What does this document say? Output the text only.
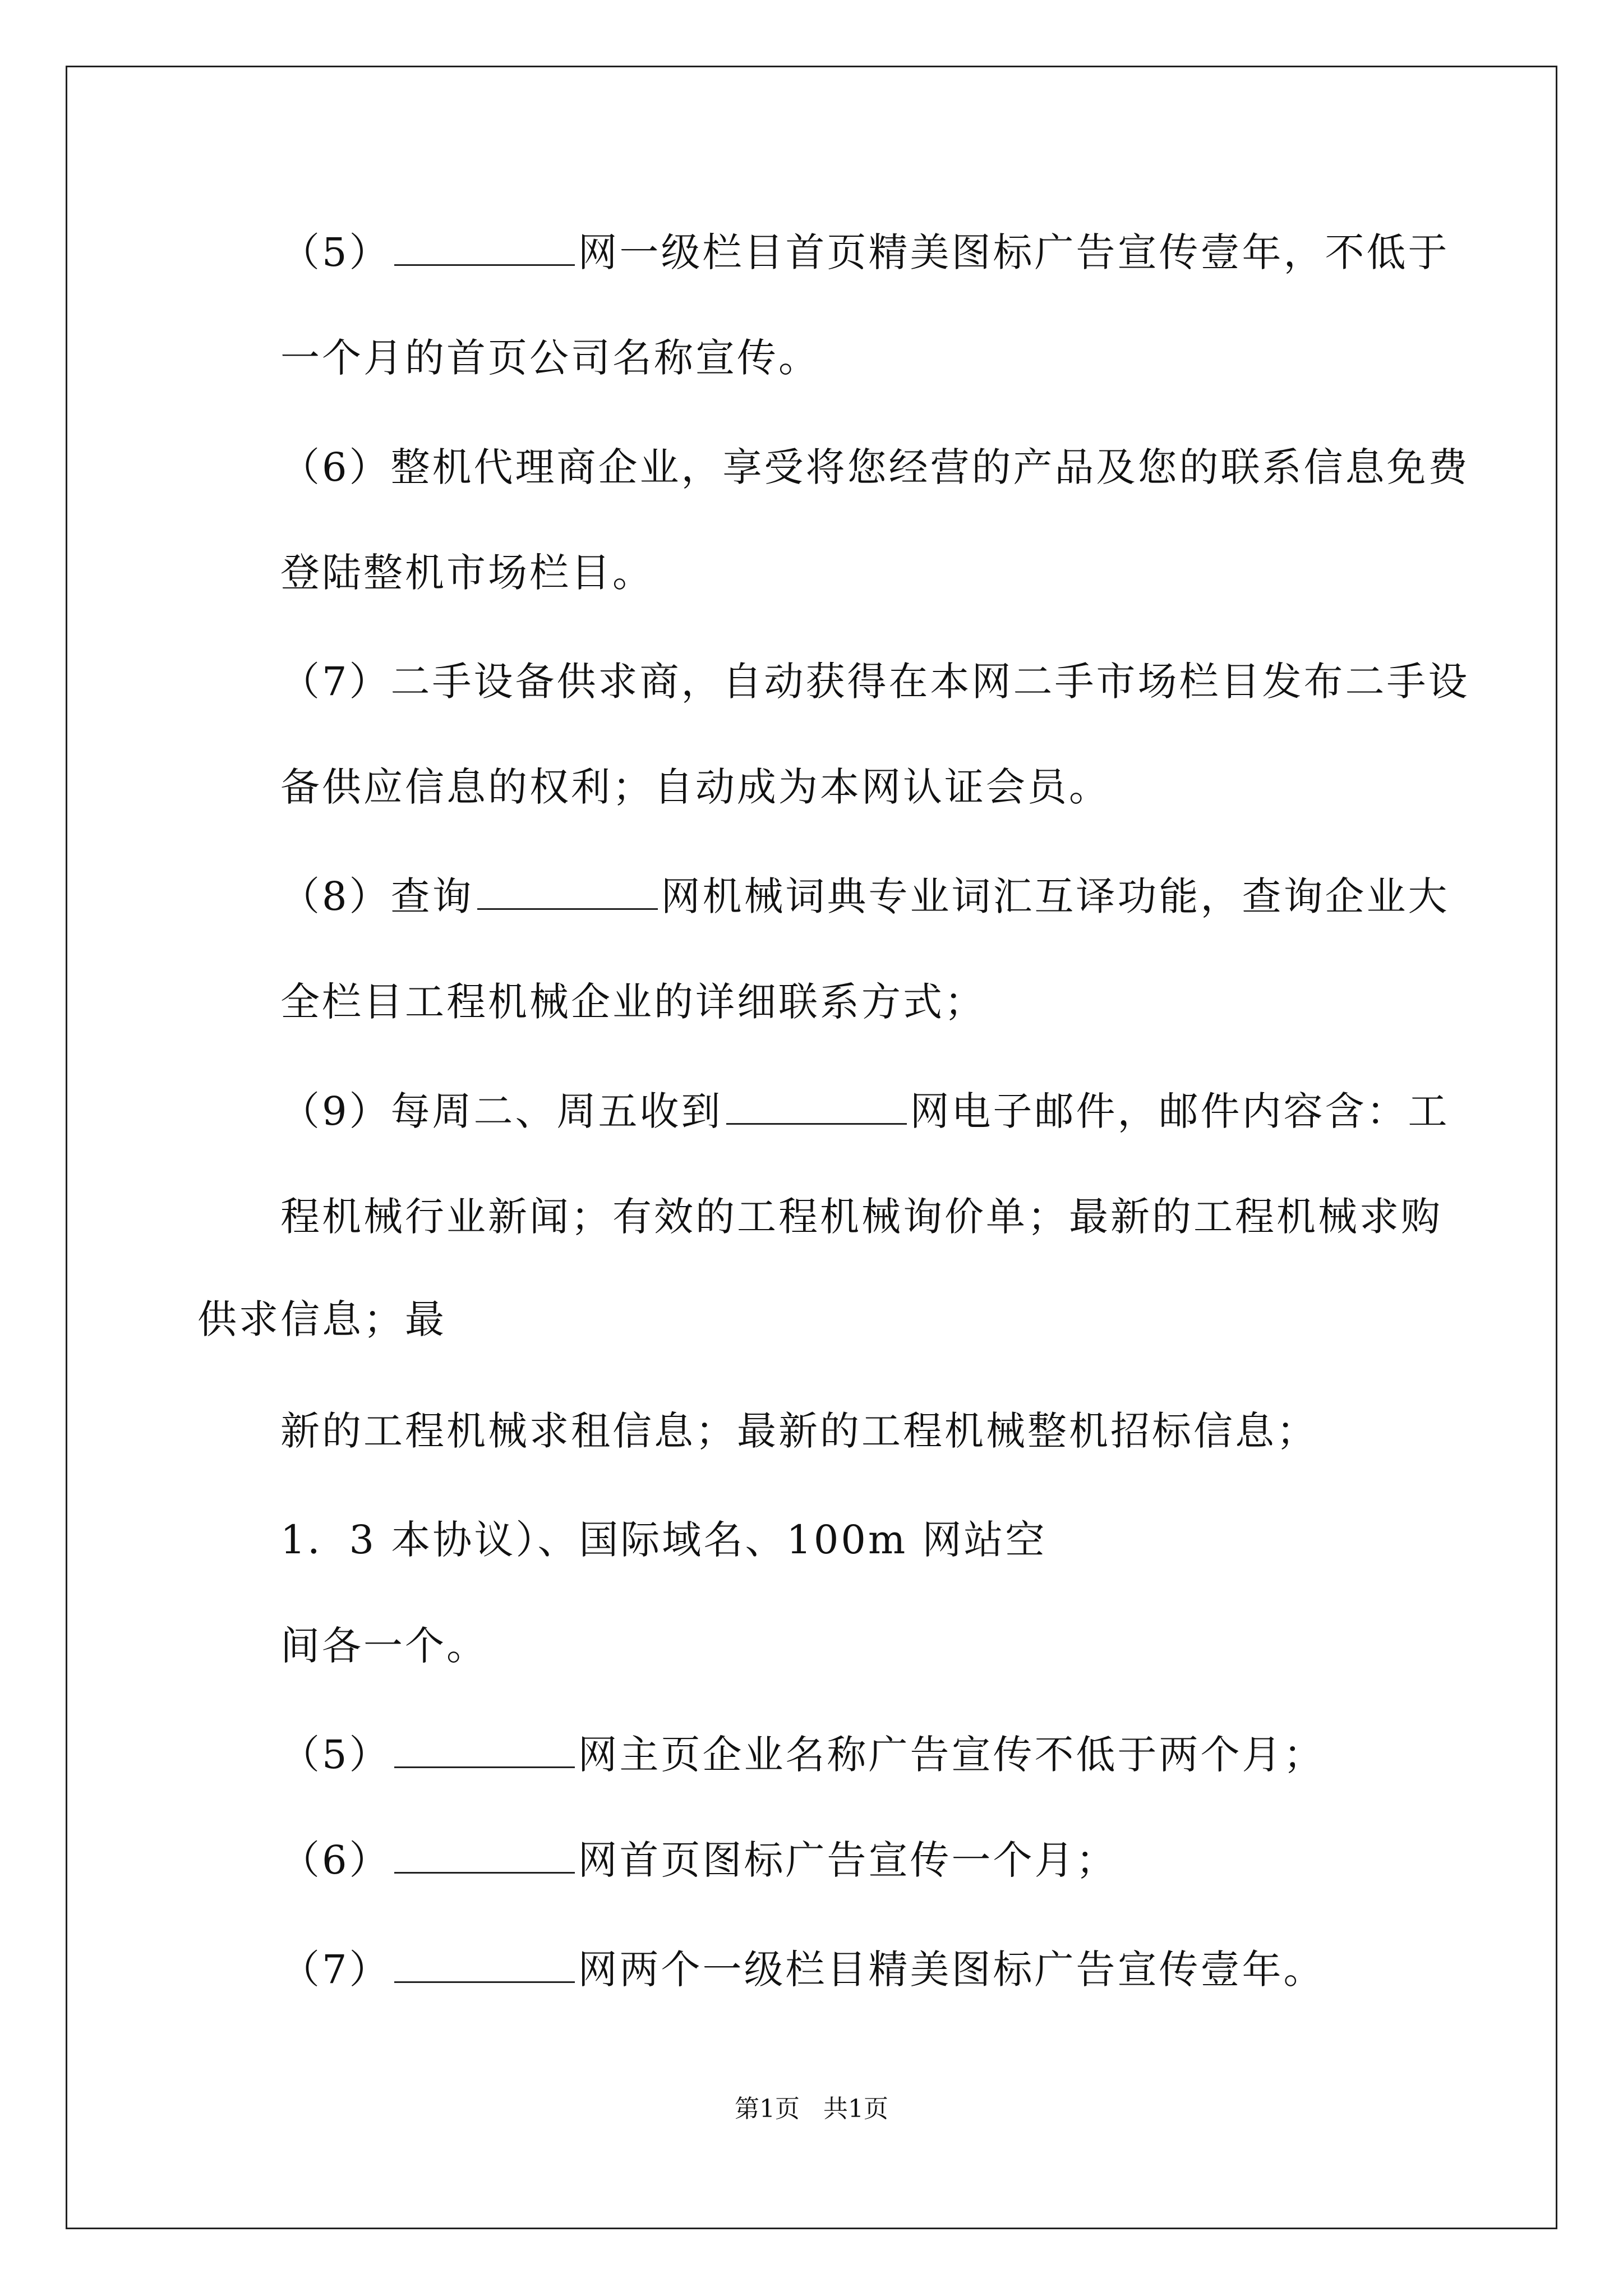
（5）	网一级栏目首页精美图标广告宣传壹年，不低于
一个月的首页公司名称宣传。
（6）整机代理商企业，享受将您经营的产品及您的联系信息免费
登陆整机市场栏目。
（7）二手设备供求商，自动获得在本网二手市场栏目发布二手设
备供应信息的权利；自动成为本网认证会员。
（8）查询	网机械词典专业词汇互译功能，查询企业大
全栏目工程机械企业的详细联系方式；
（9）每周二、周五收到	网电子邮件，邮件内容含：工
程机械行业新闻；有效的工程机械询价单；最新的工程机械求购
供求信息；最
新的工程机械求租信息；最新的工程机械整机招标信息；
1．3 本协议）、国际域名、100m 网站空
间各一个。
（5）	网主页企业名称广告宣传不低于两个月；
（6）	网首页图标广告宣传一个月；
（7）	网两个一级栏目精美图标广告宣传壹年。
第1页   共1页
